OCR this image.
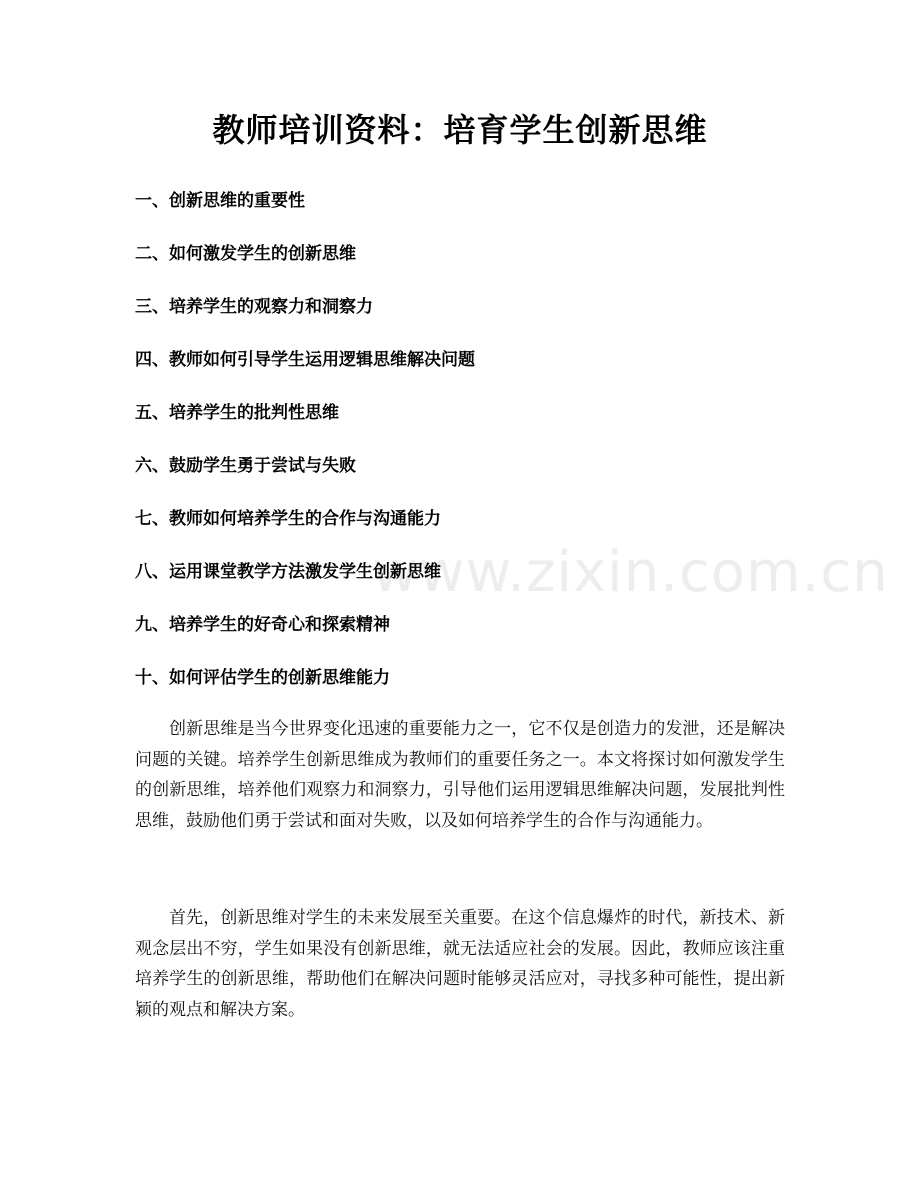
www.zixin.com.cn
教师培训资料：培育学生创新思维
一、创新思维的重要性
二、如何激发学生的创新思维
三、培养学生的观察力和洞察力
四、教师如何引导学生运用逻辑思维解决问题
五、培养学生的批判性思维
六、鼓励学生勇于尝试与失败
七、教师如何培养学生的合作与沟通能力
八、运用课堂教学方法激发学生创新思维
九、培养学生的好奇心和探索精神
十、如何评估学生的创新思维能力

创新思维是当今世界变化迅速的重要能力之一，它不仅是创造力的发泄，还是解决问题的关键。培养学生创新思维成为教师们的重要任务之一。本文将探讨如何激发学生的创新思维，培养他们观察力和洞察力，引导他们运用逻辑思维解决问题，发展批判性思维，鼓励他们勇于尝试和面对失败，以及如何培养学生的合作与沟通能力。

首先，创新思维对学生的未来发展至关重要。在这个信息爆炸的时代，新技术、新观念层出不穷，学生如果没有创新思维，就无法适应社会的发展。因此，教师应该注重培养学生的创新思维，帮助他们在解决问题时能够灵活应对，寻找多种可能性，提出新颖的观点和解决方案。
